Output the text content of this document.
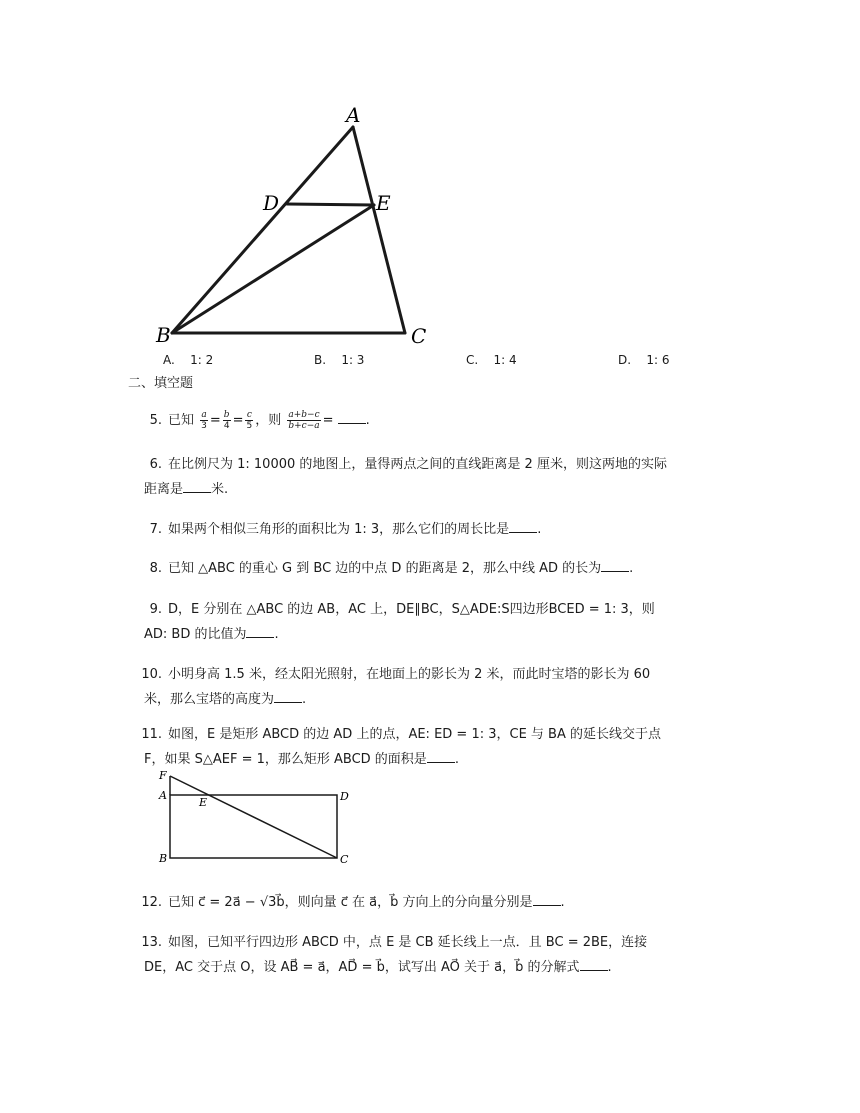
A
D	E
B	C
A. 1: 2	B. 1: 3	C. 1: 4	D. 1: 6
二、填空题
5. 已知 $\frac{a}{3} = \frac{b}{4} = \frac{c}{5}$ ，则 $\frac{a+b-c}{b+c-a}$ = .
6. 在比例尺为 1: 10000 的地图上，量得两点之间的直线距离是 2 厘米，则这两地的实际
距离是 米.
7. 如果两个相似三角形的面积比为 1: 3，那么它们的周长比是 .
8. 已知 △ABC 的重心 G 到 BC 边的中点 D 的距离是 2，那么中线 AD 的长为 .
9. D，E 分别在 △ABC 的边 AB，AC 上，DE∥BC，S△ADE:S四边形BCED = 1: 3，则
AD: BD 的比值为 .
10. 小明身高 1.5 米，经太阳光照射，在地面上的影长为 2 米，而此时宝塔的影长为 60
米，那么宝塔的高度为 .
11. 如图，E 是矩形 ABCD 的边 AD 上的点，AE: ED = 1: 3，CE 与 BA 的延长线交于点
F，如果 S△AEF = 1，那么矩形 ABCD 的面积是 .
F
A
E	D
B	C
12. 已知 c⃗ = 2a⃗ − √3b⃗，则向量 c⃗ 在 a⃗，b⃗ 方向上的分向量分别是 .
13. 如图，已知平行四边形 ABCD 中，点 E 是 CB 延长线上一点．且 BC = 2BE，连接
DE，AC 交于点 O，设 AB⃗ = a⃗，AD⃗ = b⃗，试写出 AO⃗ 关于 a⃗，b⃗ 的分解式 .
